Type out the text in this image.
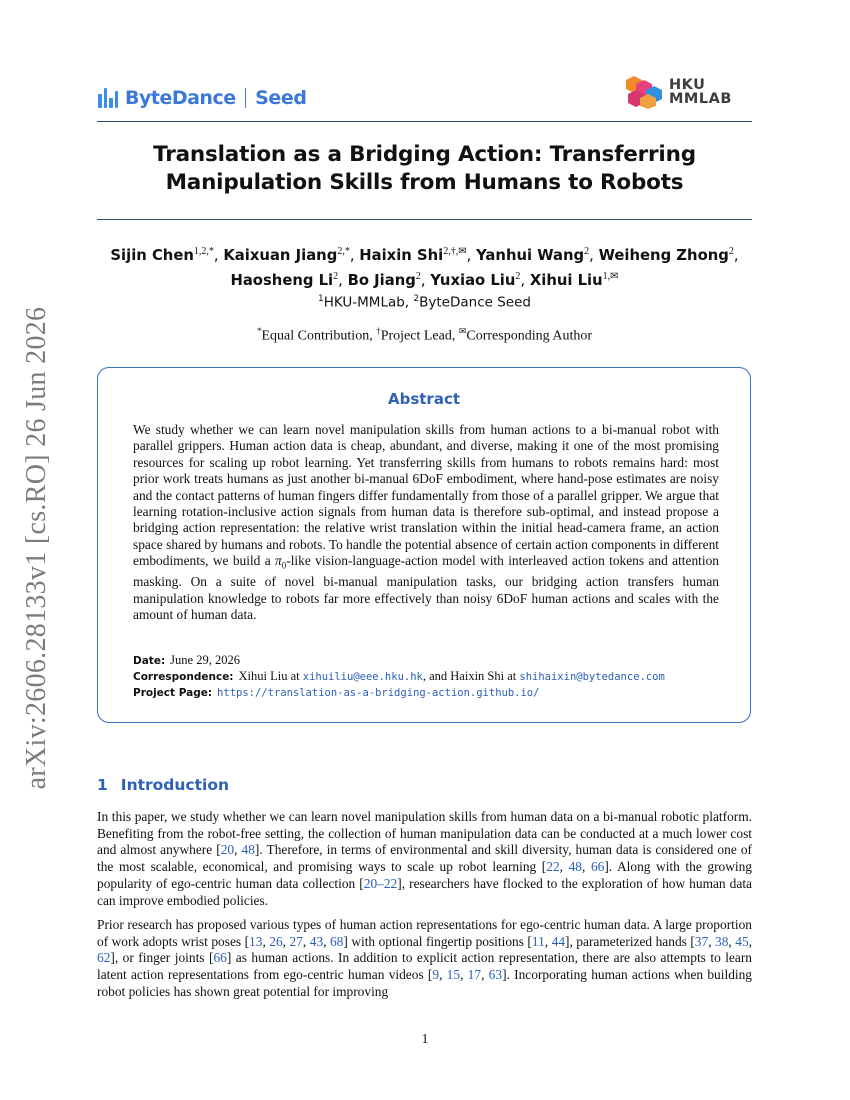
arXiv:2606.28133v1 [cs.RO] 26 Jun 2026
ByteDance Seed
HKU
MMLAB
Translation as a Bridging Action: Transferring
Manipulation Skills from Humans to Robots
Sijin Chen$^{1,2,*}$, Kaixuan Jiang$^{2,*}$, Haixin Shi$^{2,\dagger,✉}$, Yanhui Wang$^2$, Weiheng Zhong$^2$,
Haosheng Li$^2$, Bo Jiang$^2$, Yuxiao Liu$^2$, Xihui Liu$^{1,✉}$
$^1$HKU-MMLab, $^2$ByteDance Seed
*Equal Contribution, †Project Lead, ✉Corresponding Author
Abstract
We study whether we can learn novel manipulation skills from human actions to a bi-manual robot with parallel grippers. Human action data is cheap, abundant, and diverse, making it one of the most promising resources for scaling up robot learning. Yet transferring skills from humans to robots remains hard: most prior work treats humans as just another bi-manual 6DoF embodiment, where hand-pose estimates are noisy and the contact patterns of human fingers differ fundamentally from those of a parallel gripper. We argue that learning rotation-inclusive action signals from human data is therefore sub-optimal, and instead propose a bridging action representation: the relative wrist translation within the initial head-camera frame, an action space shared by humans and robots. To handle the potential absence of certain action components in different embodiments, we build a $\pi_0$-like vision-language-action model with interleaved action tokens and attention masking. On a suite of novel bi-manual manipulation tasks, our bridging action transfers human manipulation knowledge to robots far more effectively than noisy 6DoF human actions and scales with the amount of human data.
Date: June 29, 2026
Correspondence: Xihui Liu at xihuiliu@eee.hku.hk, and Haixin Shi at shihaixin@bytedance.com
Project Page: https://translation-as-a-bridging-action.github.io/
1 Introduction

In this paper, we study whether we can learn novel manipulation skills from human data on a bi-manual robotic platform. Benefiting from the robot-free setting, the collection of human manipulation data can be conducted at a much lower cost and almost anywhere [20, 48]. Therefore, in terms of environmental and skill diversity, human data is considered one of the most scalable, economical, and promising ways to scale up robot learning [22, 48, 66]. Along with the growing popularity of ego-centric human data collection [20–22], researchers have flocked to the exploration of how human data can improve embodied policies.

Prior research has proposed various types of human action representations for ego-centric human data. A large proportion of work adopts wrist poses [13, 26, 27, 43, 68] with optional fingertip positions [11, 44], parameterized hands [37, 38, 45, 62], or finger joints [66] as human actions. In addition to explicit action representation, there are also attempts to learn latent action representations from ego-centric human videos [9, 15, 17, 63]. Incorporating human actions when building robot policies has shown great potential for improving

1
